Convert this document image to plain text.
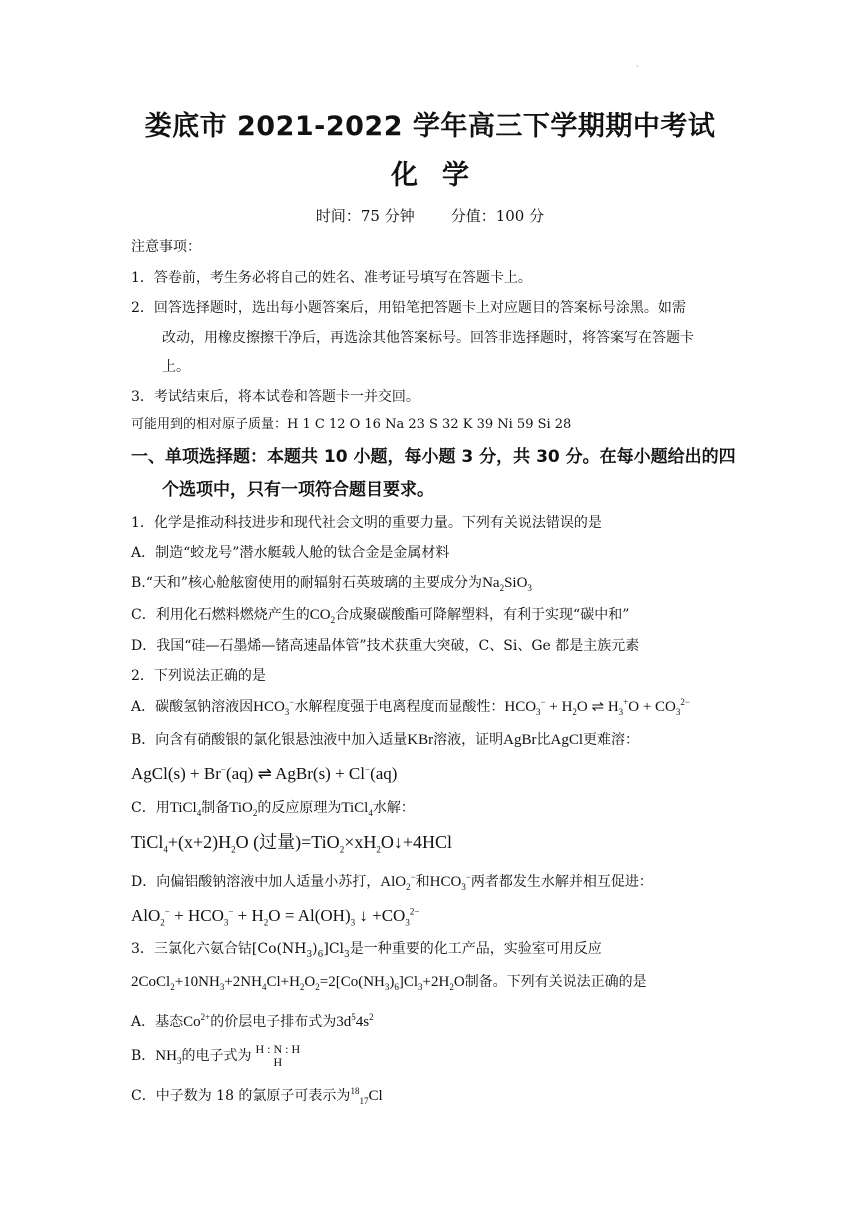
·
娄底市 2021-2022 学年高三下学期期中考试
化学
时间：75 分钟 分值：100 分
注意事项：
1．答卷前，考生务必将自己的姓名、准考证号填写在答题卡上。
2．回答选择题时，选出每小题答案后，用铅笔把答题卡上对应题目的答案标号涂黑。如需
改动，用橡皮擦擦干净后，再选涂其他答案标号。回答非选择题时，将答案写在答题卡
上。
3．考试结束后，将本试卷和答题卡一并交回。
可能用到的相对原子质量：H 1 C 12 O 16 Na 23 S 32 K 39 Ni 59 Si 28
一、单项选择题：本题共 10 小题，每小题 3 分，共 30 分。在每小题给出的四
个选项中，只有一项符合题目要求。
1．化学是推动科技进步和现代社会文明的重要力量。下列有关说法错误的是
A．制造“蛟龙号”潜水艇载人舱的钛合金是金属材料
B.“天和”核心舱舷窗使用的耐辐射石英玻璃的主要成分为$Na_2SiO_3$
C．利用化石燃料燃烧产生的$CO_2$合成聚碳酸酯可降解塑料，有利于实现“碳中和”
D．我国“硅—石墨烯—锗高速晶体管”技术获重大突破，C、Si、Ge 都是主族元素
2．下列说法正确的是
A．碳酸氢钠溶液因$HCO_3^-$水解程度强于电离程度而显酸性：$HCO_3^- + H_2O$ ⇌ $H_3^+O + CO_3^{2-}$
B．向含有硝酸银的氯化银悬浊液中加入适量KBr溶液，证明AgBr比AgCl更难溶：
AgCl(s) + Br−(aq) ⇌ AgBr(s) + Cl−(aq)
C．用TiCl$_4$制备TiO$_2$的反应原理为TiCl$_4$水解：
$TiCl_4+(x+2)H_2O$ (过量)$=TiO_2\times xH_2O↓+4HCl$
D．向偏铝酸钠溶液中加人适量小苏打，AlO$_2$−和$HCO_3^-$两者都发生水解并相互促进：
$AlO_2^- + HCO_3^- + H_2O = Al(OH)_3$ ↓ $+CO_3^{2-}$
3．三氯化六氨合钴$[Co(NH_3)_6]Cl_3$是一种重要的化工产品，实验室可用反应
$2CoCl_2+10NH_3+2NH_4Cl+H_2O_2=2[Co(NH_3)_6]Cl_3+2H_2O$制备。下列有关说法正确的是
A．基态$Co^{2+}$的价层电子排布式为$3d^54s^2$
B．$NH_3$的电子式为 H : N : H
H
C．中子数为 18 的氯原子可表示为$^{18}_{17}$Cl
